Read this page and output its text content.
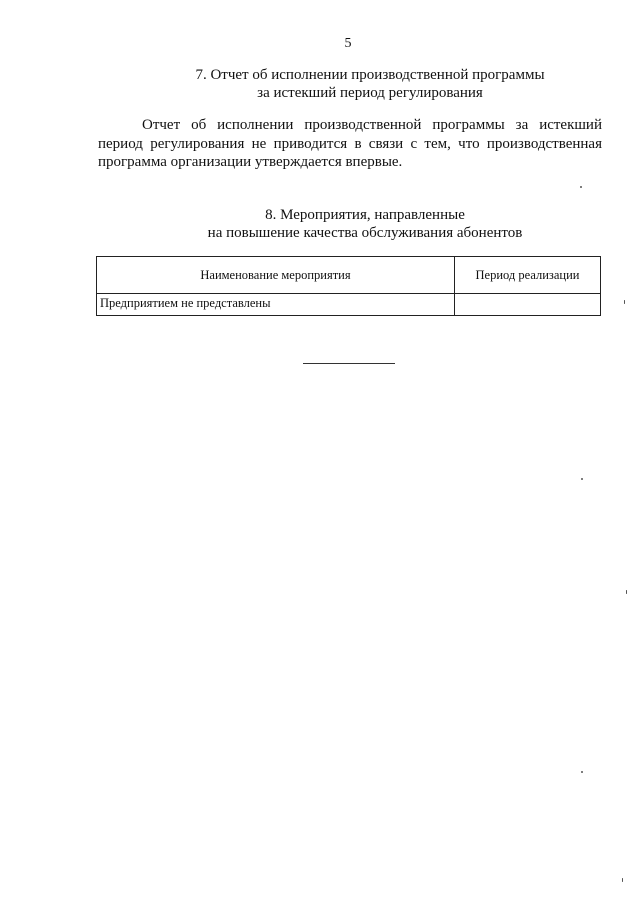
5
7. Отчет об исполнении производственной программы
за истекший период регулирования
Отчет об исполнении производственной программы за истекший
период регулирования не приводится в связи с тем, что производственная
программа организации утверждается впервые.
8. Мероприятия, направленные
на повышение качества обслуживания абонентов
Наименование мероприятия	Период реализации
Предприятием не представлены	
